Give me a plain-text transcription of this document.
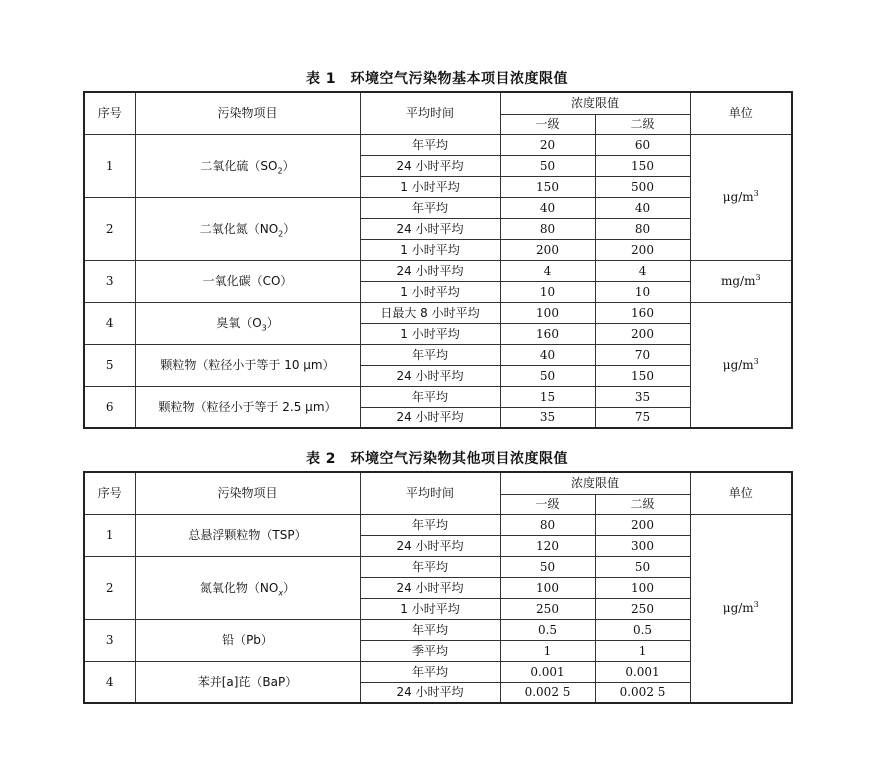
表 1　环境空气污染物基本项目浓度限值
序号	污染物项目	平均时间	浓度限值		单位
			一级	二级	
1	二氧化硫$(SO_2)$	年平均	20	60	$\mu g/m^3$
		24 小时平均	50	150	
		1 小时平均	150	500	
2	二氧化氮$(NO_2)$	年平均	40	40	
		24 小时平均	80	80	
		1 小时平均	200	200	
3	一氧化碳（CO）	24 小时平均	4	4	$mg/m^3$
		1 小时平均	10	10	
4	臭氧$(O_3)$	日最大 8 小时平均	100	160	$\mu g/m^3$
		1 小时平均	160	200	
5	颗粒物（粒径小于等于 10 μm）	年平均	40	70	
		24 小时平均	50	150	
6	颗粒物（粒径小于等于 2.5 μm）	年平均	15	35	
		24 小时平均	35	75	
表 2　环境空气污染物其他项目浓度限值
序号	污染物项目	平均时间	浓度限值		单位
			一级	二级	
1	总悬浮颗粒物（TSP）	年平均	80	200	$\mu g/m^3$
		24 小时平均	120	300	
2	氮氧化物$(NO_x)$	年平均	50	50	
		24 小时平均	100	100	
		1 小时平均	250	250	
3	铅（Pb）	年平均	0.5	0.5	
		季平均	1	1	
4	苯并[a]芘（BaP）	年平均	0.001	0.001	
		24 小时平均	0.002 5	0.002 5	
